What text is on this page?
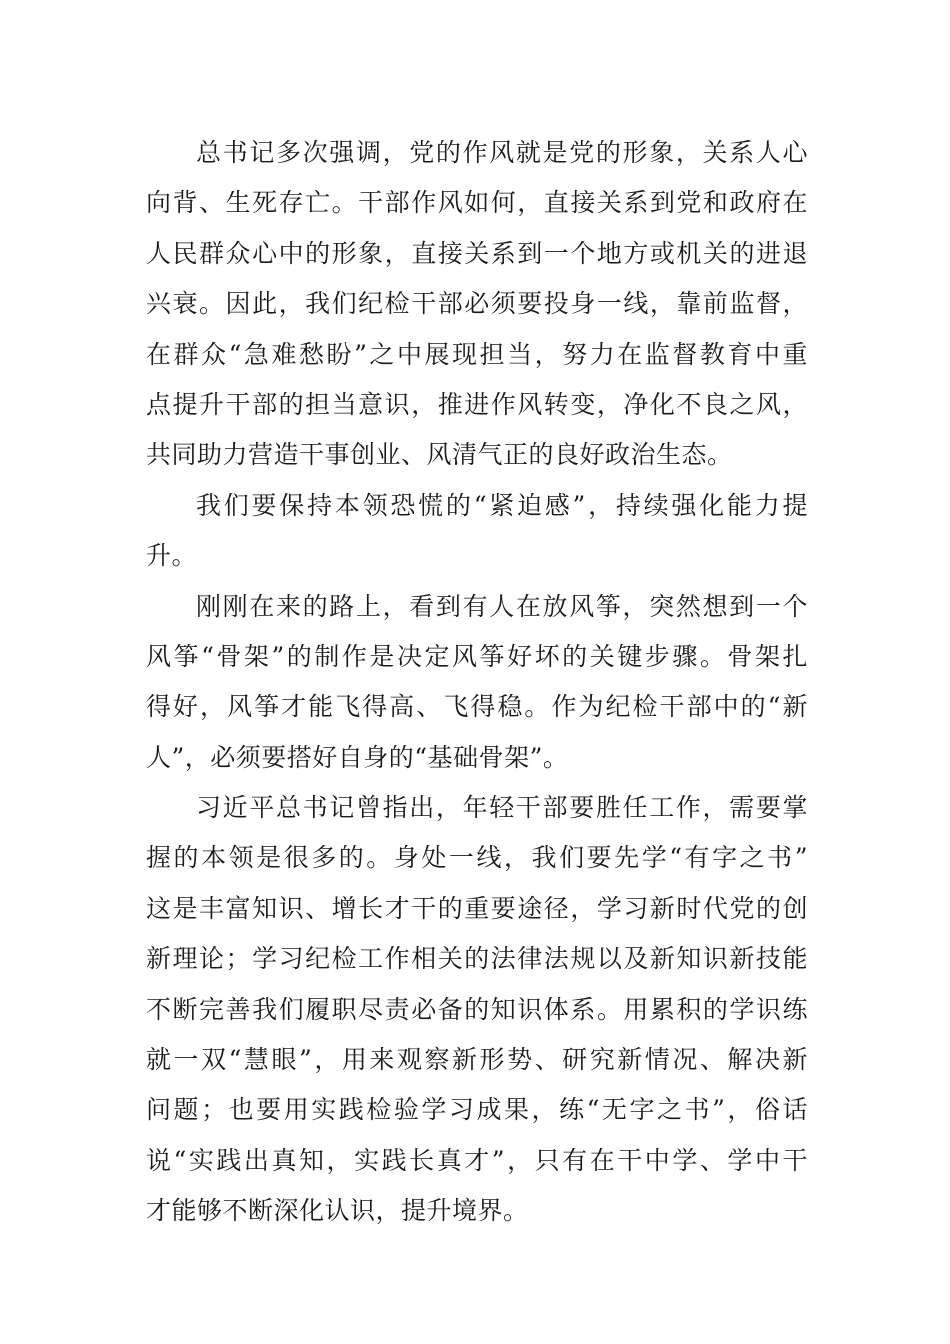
总书记多次强调，党的作风就是党的形象，关系人心
向背、生死存亡。干部作风如何，直接关系到党和政府在
人民群众心中的形象，直接关系到一个地方或机关的进退
兴衰。因此，我们纪检干部必须要投身一线，靠前监督，
在群众“急难愁盼”之中展现担当，努力在监督教育中重
点提升干部的担当意识，推进作风转变，净化不良之风，
共同助力营造干事创业、风清气正的良好政治生态。
我们要保持本领恐慌的“紧迫感”，持续强化能力提
升。
刚刚在来的路上，看到有人在放风筝，突然想到一个
风筝“骨架”的制作是决定风筝好坏的关键步骤。骨架扎
得好，风筝才能飞得高、飞得稳。作为纪检干部中的“新
人”，必须要搭好自身的“基础骨架”。
习近平总书记曾指出，年轻干部要胜任工作，需要掌
握的本领是很多的。身处一线，我们要先学“有字之书”
这是丰富知识、增长才干的重要途径，学习新时代党的创
新理论；学习纪检工作相关的法律法规以及新知识新技能
不断完善我们履职尽责必备的知识体系。用累积的学识练
就一双“慧眼”，用来观察新形势、研究新情况、解决新
问题；也要用实践检验学习成果，练“无字之书”，俗话
说“实践出真知，实践长真才”，只有在干中学、学中干
才能够不断深化认识，提升境界。
